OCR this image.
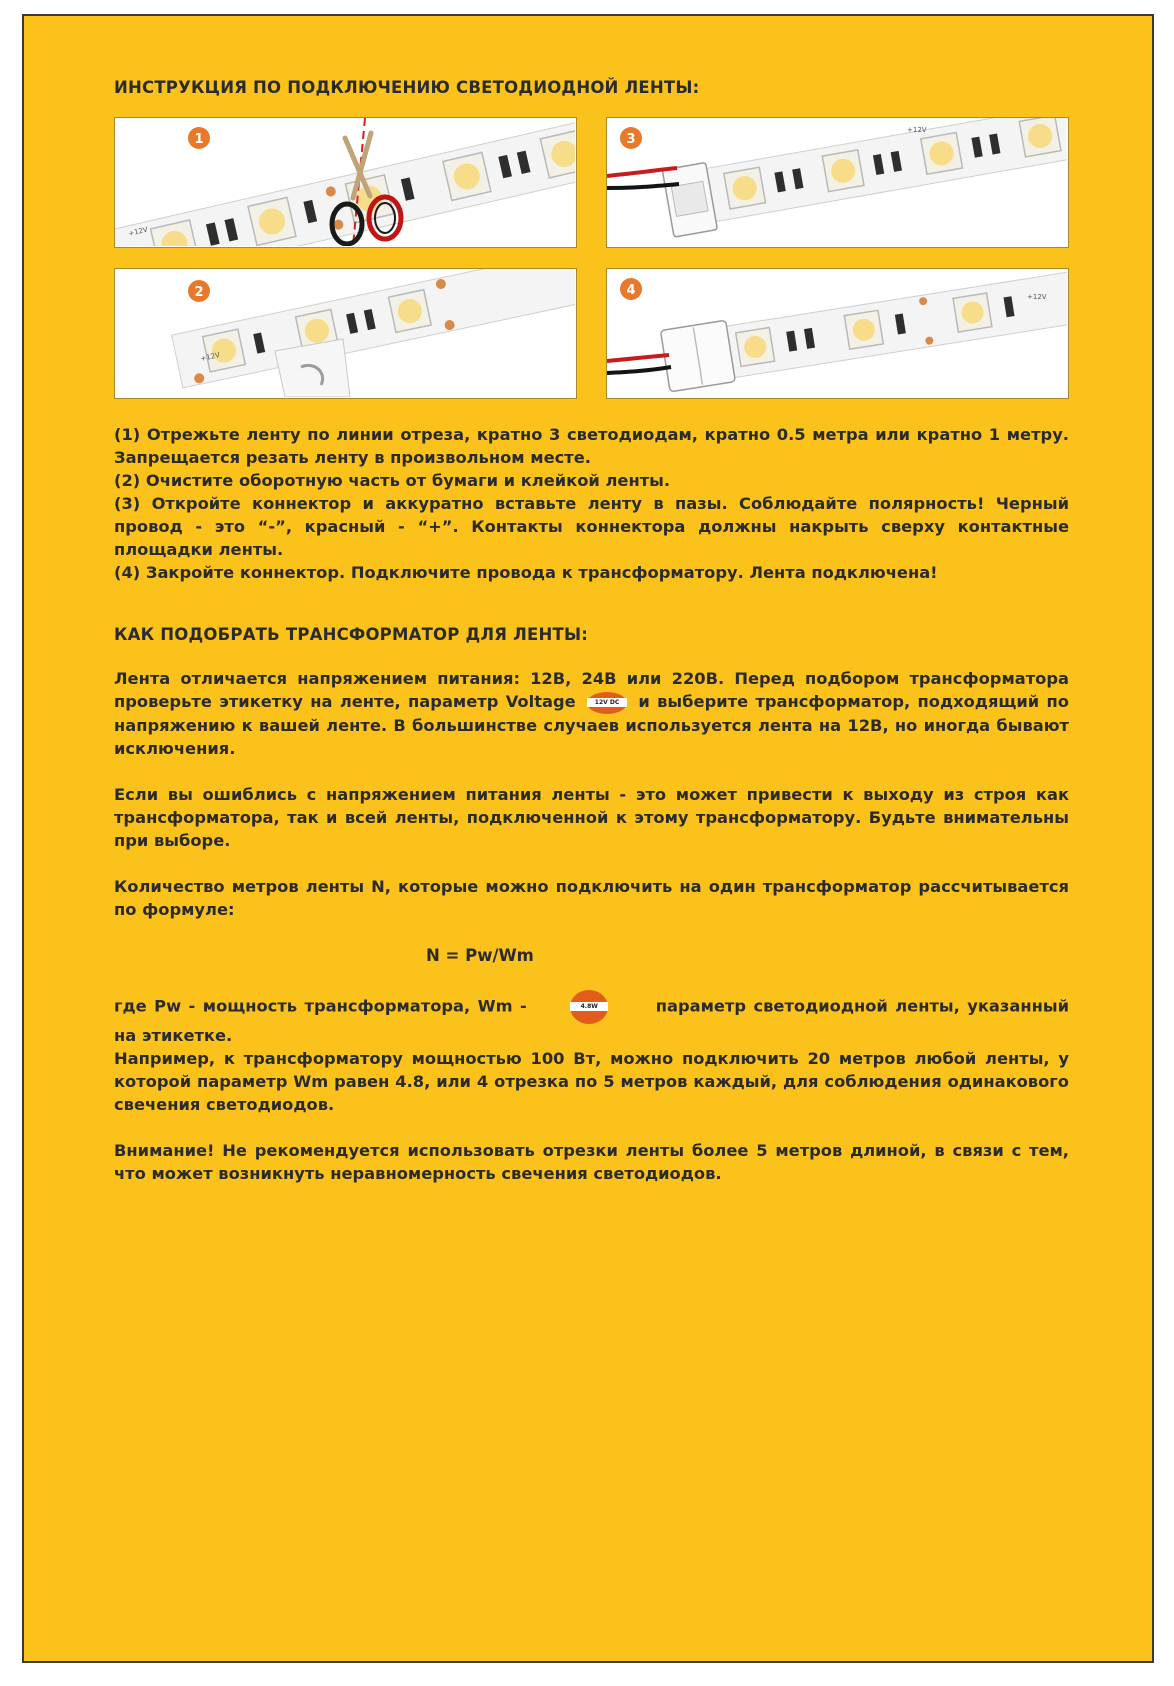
ИНСТРУКЦИЯ ПО ПОДКЛЮЧЕНИЮ СВЕТОДИОДНОЙ ЛЕНТЫ:
1
+12V
3
+12V
2
+12V
4	+12V

(1) Отрежьте ленту по линии отреза, кратно 3 светодиодам, кратно 0.5 метра или кратно 1 метру. Запрещается резать ленту в произвольном месте.

(2) Очистите оборотную часть от бумаги и клейкой ленты.

(3) Откройте коннектор и аккуратно вставьте ленту в пазы. Соблюдайте полярность! Черный провод - это “-”, красный - “+”. Контакты коннектора должны накрыть сверху контактные площадки ленты.

(4) Закройте коннектор. Подключите провода к трансформатору. Лента подключена!

КАК ПОДОБРАТЬ ТРАНСФОРМАТОР ДЛЯ ЛЕНТЫ:

Лента отличается напряжением питания: 12В, 24В или 220В. Перед подбором трансформатора проверьте этикетку на ленте, параметр Voltage	12V DC и выберите трансформатор, подходящий по напряжению к вашей ленте. В большинстве случаев используется лента на 12В, но иногда бывают исключения.

Если вы ошиблись с напряжением питания ленты - это может привести к выходу из строя как трансформатора, так и всей ленты, подключенной к этому трансформатору. Будьте внимательны при выборе.

Количество метров ленты N, которые можно подключить на один трансформатор рассчитывается по формуле:

N = Pw/Wm

где Pw - мощность трансформатора, Wm -	4.8W	параметр светодиодной ленты, указанный на этикетке.

Например, к трансформатору мощностью 100 Вт, можно подключить 20 метров любой ленты, у которой параметр Wm равен 4.8, или 4 отрезка по 5 метров каждый, для соблюдения одинакового свечения светодиодов.

Внимание! Не рекомендуется использовать отрезки ленты более 5 метров длиной, в связи с тем, что может возникнуть неравномерность свечения светодиодов.
